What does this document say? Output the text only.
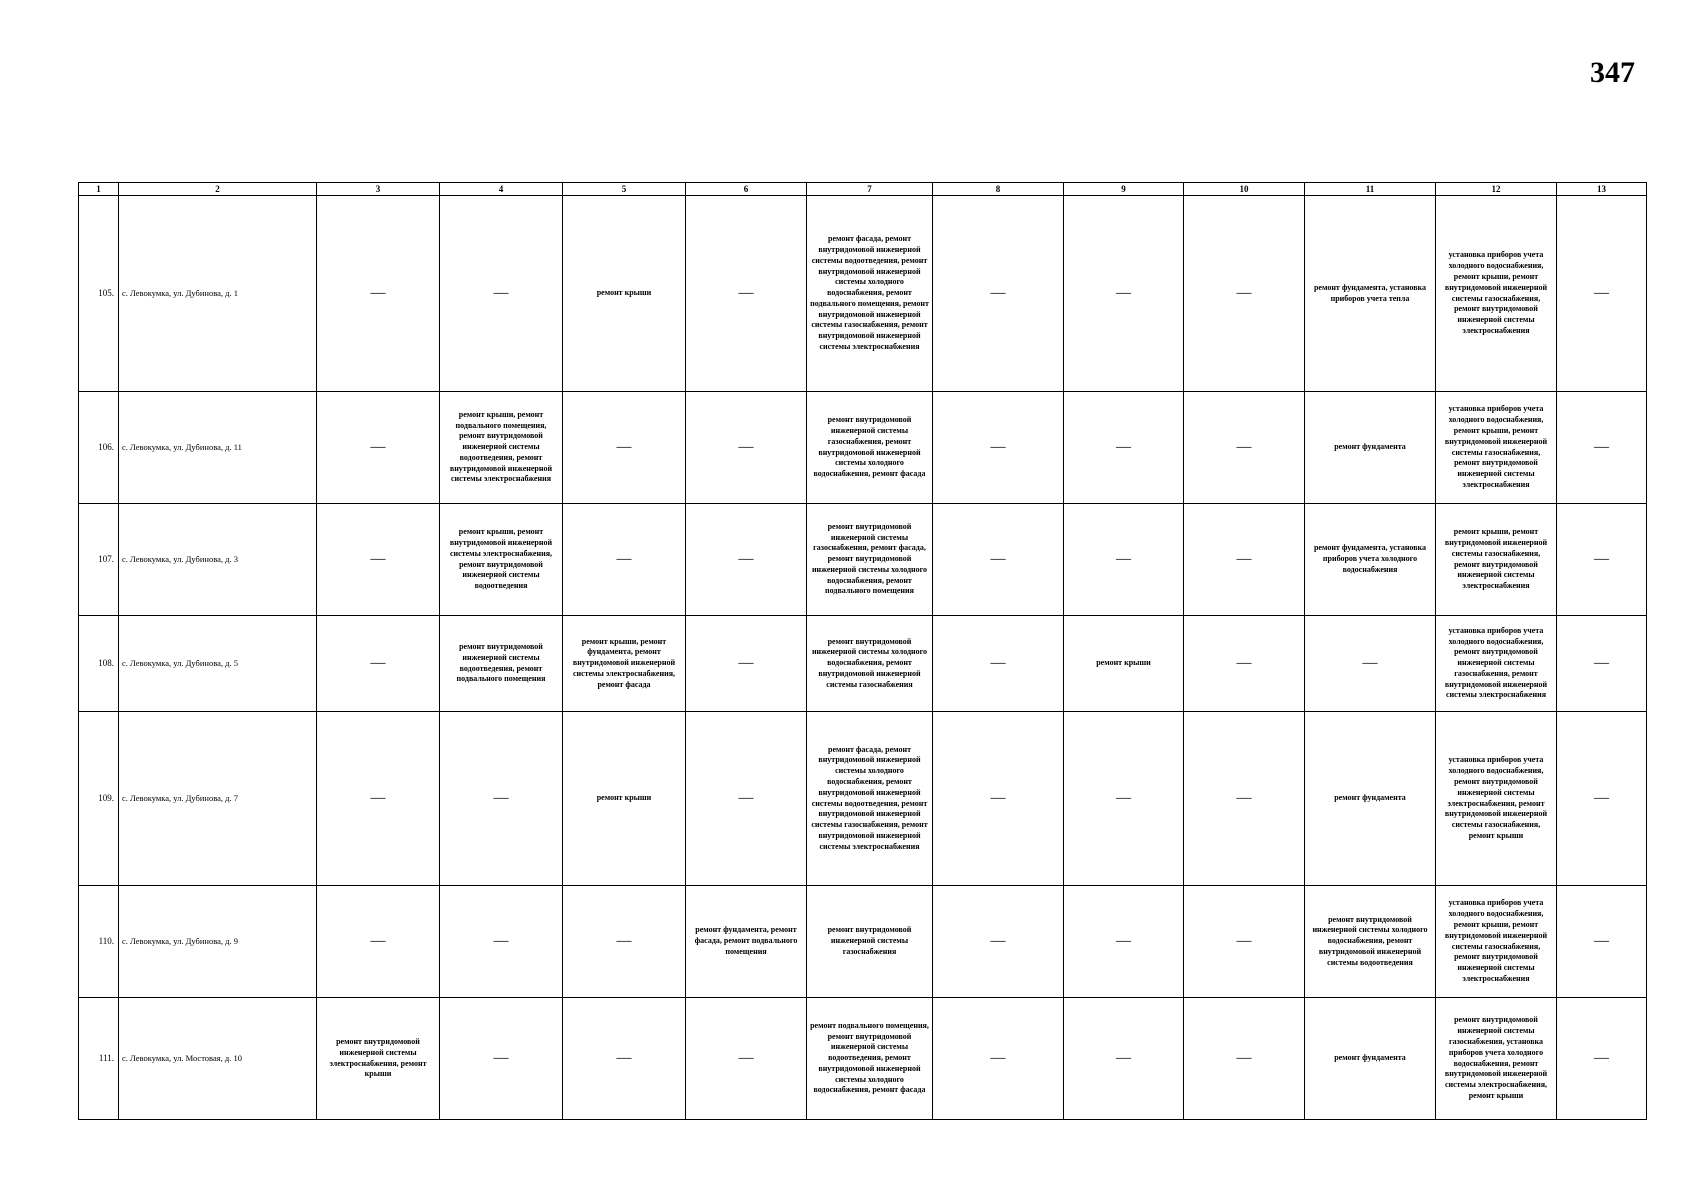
347
1	2	3	4	5	6	7	8	9	10	11	12	13
105.	с. Левокумка, ул. Дубинова, д. 1	—	—	ремонт крыши	—	ремонт фасада, ремонт внутридомовой инженерной системы водоотведения, ремонт внутридомовой инженерной системы холодного водоснабжения, ремонт подвального помещения, ремонт внутридомовой инженерной системы газоснабжения, ремонт внутридомовой инженерной системы электроснабжения	—	—	—	ремонт фундамента, установка приборов учета тепла	установка приборов учета холодного водоснабжения, ремонт крыши, ремонт внутридомовой инженерной системы газоснабжения, ремонт внутридомовой инженерной системы электроснабжения	—
106.	с. Левокумка, ул. Дубинова, д. 11	—	ремонт крыши, ремонт подвального помещения, ремонт внутридомовой инженерной системы водоотведения, ремонт внутридомовой инженерной системы электроснабжения	—	—	ремонт внутридомовой инженерной системы газоснабжения, ремонт внутридомовой инженерной системы холодного водоснабжения, ремонт фасада	—	—	—	ремонт фундамента	установка приборов учета холодного водоснабжения, ремонт крыши, ремонт внутридомовой инженерной системы газоснабжения, ремонт внутридомовой инженерной системы электроснабжения	—
107.	с. Левокумка, ул. Дубинова, д. 3	—	ремонт крыши, ремонт внутридомовой инженерной системы электроснабжения, ремонт внутридомовой инженерной системы водоотведения	—	—	ремонт внутридомовой инженерной системы газоснабжения, ремонт фасада, ремонт внутридомовой инженерной системы холодного водоснабжения, ремонт подвального помещения	—	—	—	ремонт фундамента, установка приборов учета холодного водоснабжения	ремонт крыши, ремонт внутридомовой инженерной системы газоснабжения, ремонт внутридомовой инженерной системы электроснабжения	—
108.	с. Левокумка, ул. Дубинова, д. 5	—	ремонт внутридомовой инженерной системы водоотведения, ремонт подвального помещения	ремонт крыши, ремонт фундамента, ремонт внутридомовой инженерной системы электроснабжения, ремонт фасада	—	ремонт внутридомовой инженерной системы холодного водоснабжения, ремонт внутридомовой инженерной системы газоснабжения	—	ремонт крыши	—	—	установка приборов учета холодного водоснабжения, ремонт внутридомовой инженерной системы газоснабжения, ремонт внутридомовой инженерной системы электроснабжения	—
109.	с. Левокумка, ул. Дубинова, д. 7	—	—	ремонт крыши	—	ремонт фасада, ремонт внутридомовой инженерной системы холодного водоснабжения, ремонт внутридомовой инженерной системы водоотведения, ремонт внутридомовой инженерной системы газоснабжения, ремонт внутридомовой инженерной системы электроснабжения	—	—	—	ремонт фундамента	установка приборов учета холодного водоснабжения, ремонт внутридомовой инженерной системы электроснабжения, ремонт внутридомовой инженерной системы газоснабжения, ремонт крыши	—
110.	с. Левокумка, ул. Дубинова, д. 9	—	—	—	ремонт фундамента, ремонт фасада, ремонт подвального помещения	ремонт внутридомовой инженерной системы газоснабжения	—	—	—	ремонт внутридомовой инженерной системы холодного водоснабжения, ремонт внутридомовой инженерной системы водоотведения	установка приборов учета холодного водоснабжения, ремонт крыши, ремонт внутридомовой инженерной системы газоснабжения, ремонт внутридомовой инженерной системы электроснабжения	—
111.	с. Левокумка, ул. Мостовая, д. 10	ремонт внутридомовой инженерной системы электроснабжения, ремонт крыши	—	—	—	ремонт подвального помещения, ремонт внутридомовой инженерной системы водоотведения, ремонт внутридомовой инженерной системы холодного водоснабжения, ремонт фасада	—	—	—	ремонт фундамента	ремонт внутридомовой инженерной системы газоснабжения, установка приборов учета холодного водоснабжения, ремонт внутридомовой инженерной системы электроснабжения, ремонт крыши	—
